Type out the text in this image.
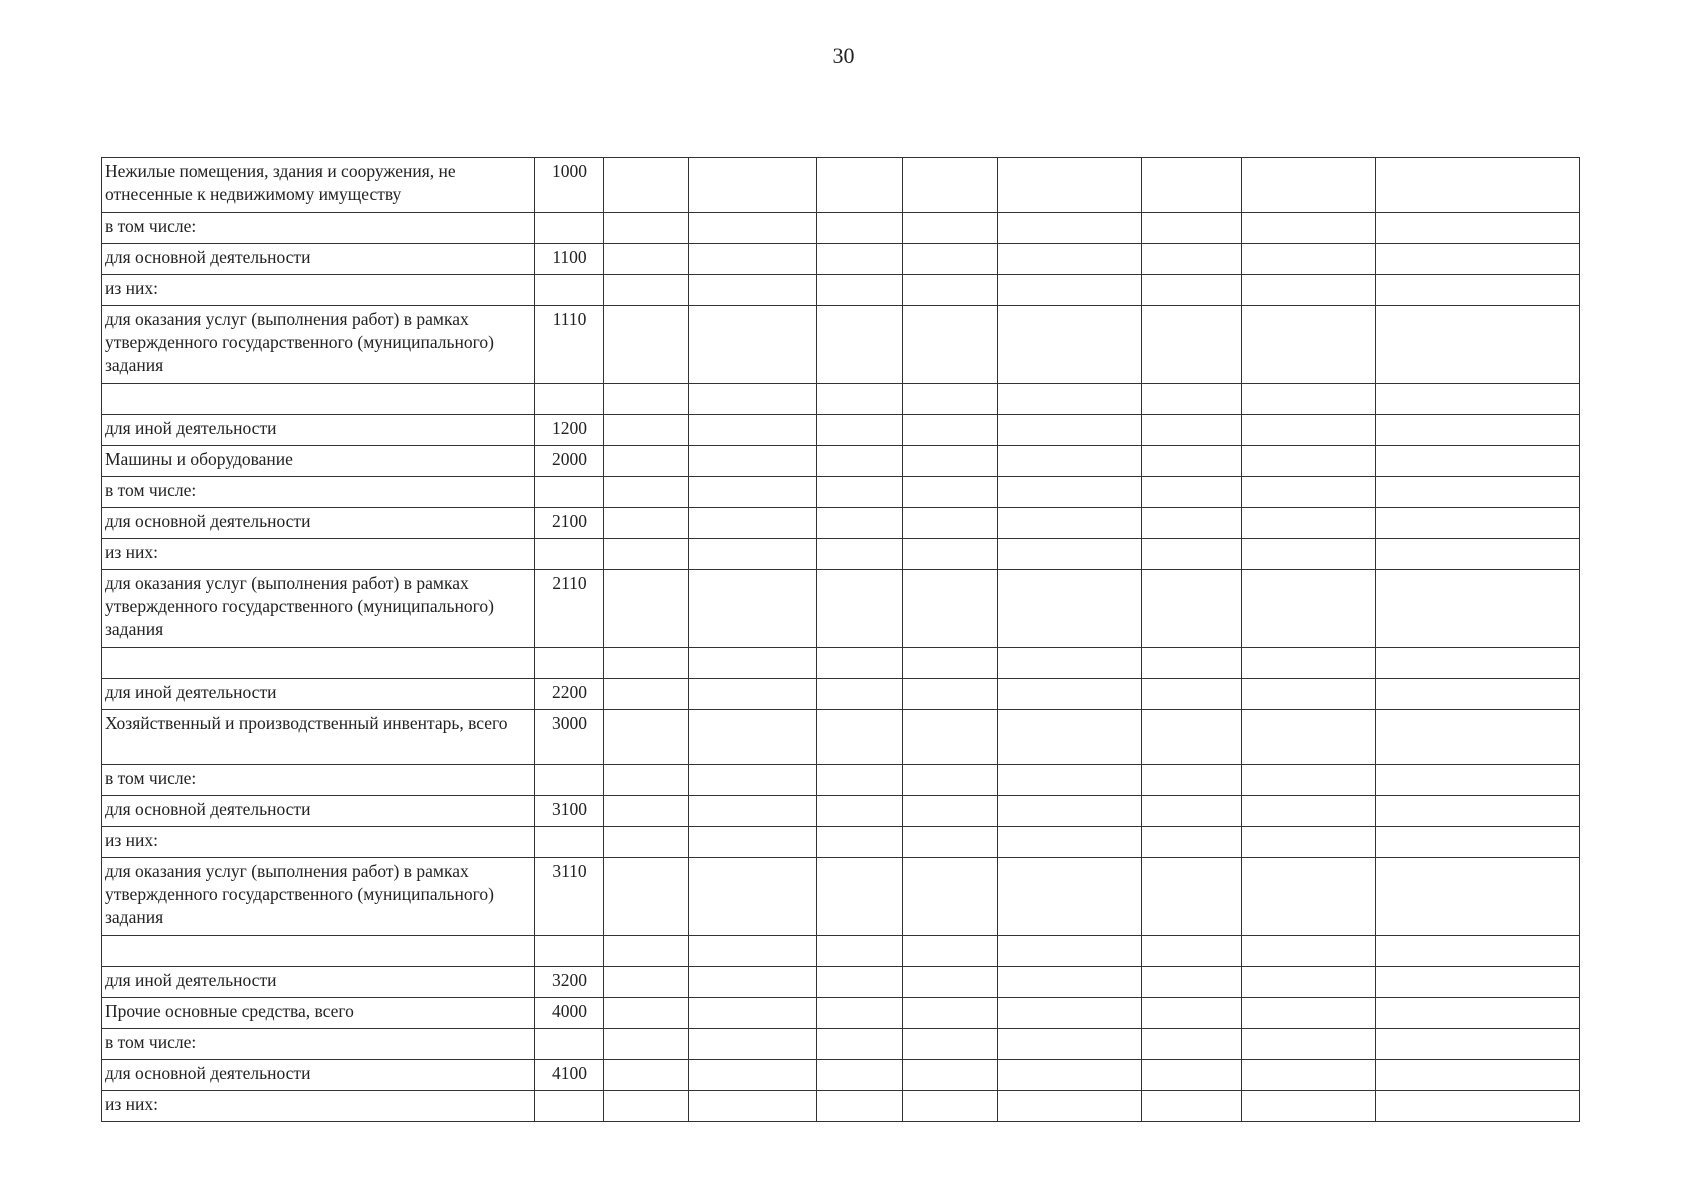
30
Нежилые помещения, здания и сооружения, не отнесенные к недвижимому имуществу	1000								
в том числе:									
для основной деятельности	1100								
из них:									
для оказания услуг (выполнения работ) в рамках утвержденного государственного (муниципального) задания	1110								

для иной деятельности	1200								
Машины и оборудование	2000								
в том числе:									
для основной деятельности	2100								
из них:									
для оказания услуг (выполнения работ) в рамках утвержденного государственного (муниципального) задания	2110								

для иной деятельности	2200								
Хозяйственный и производственный инвентарь, всего	3000								
в том числе:									
для основной деятельности	3100								
из них:									
для оказания услуг (выполнения работ) в рамках утвержденного государственного (муниципального) задания	3110								

для иной деятельности	3200								
Прочие основные средства, всего	4000								
в том числе:									
для основной деятельности	4100								
из них:									
